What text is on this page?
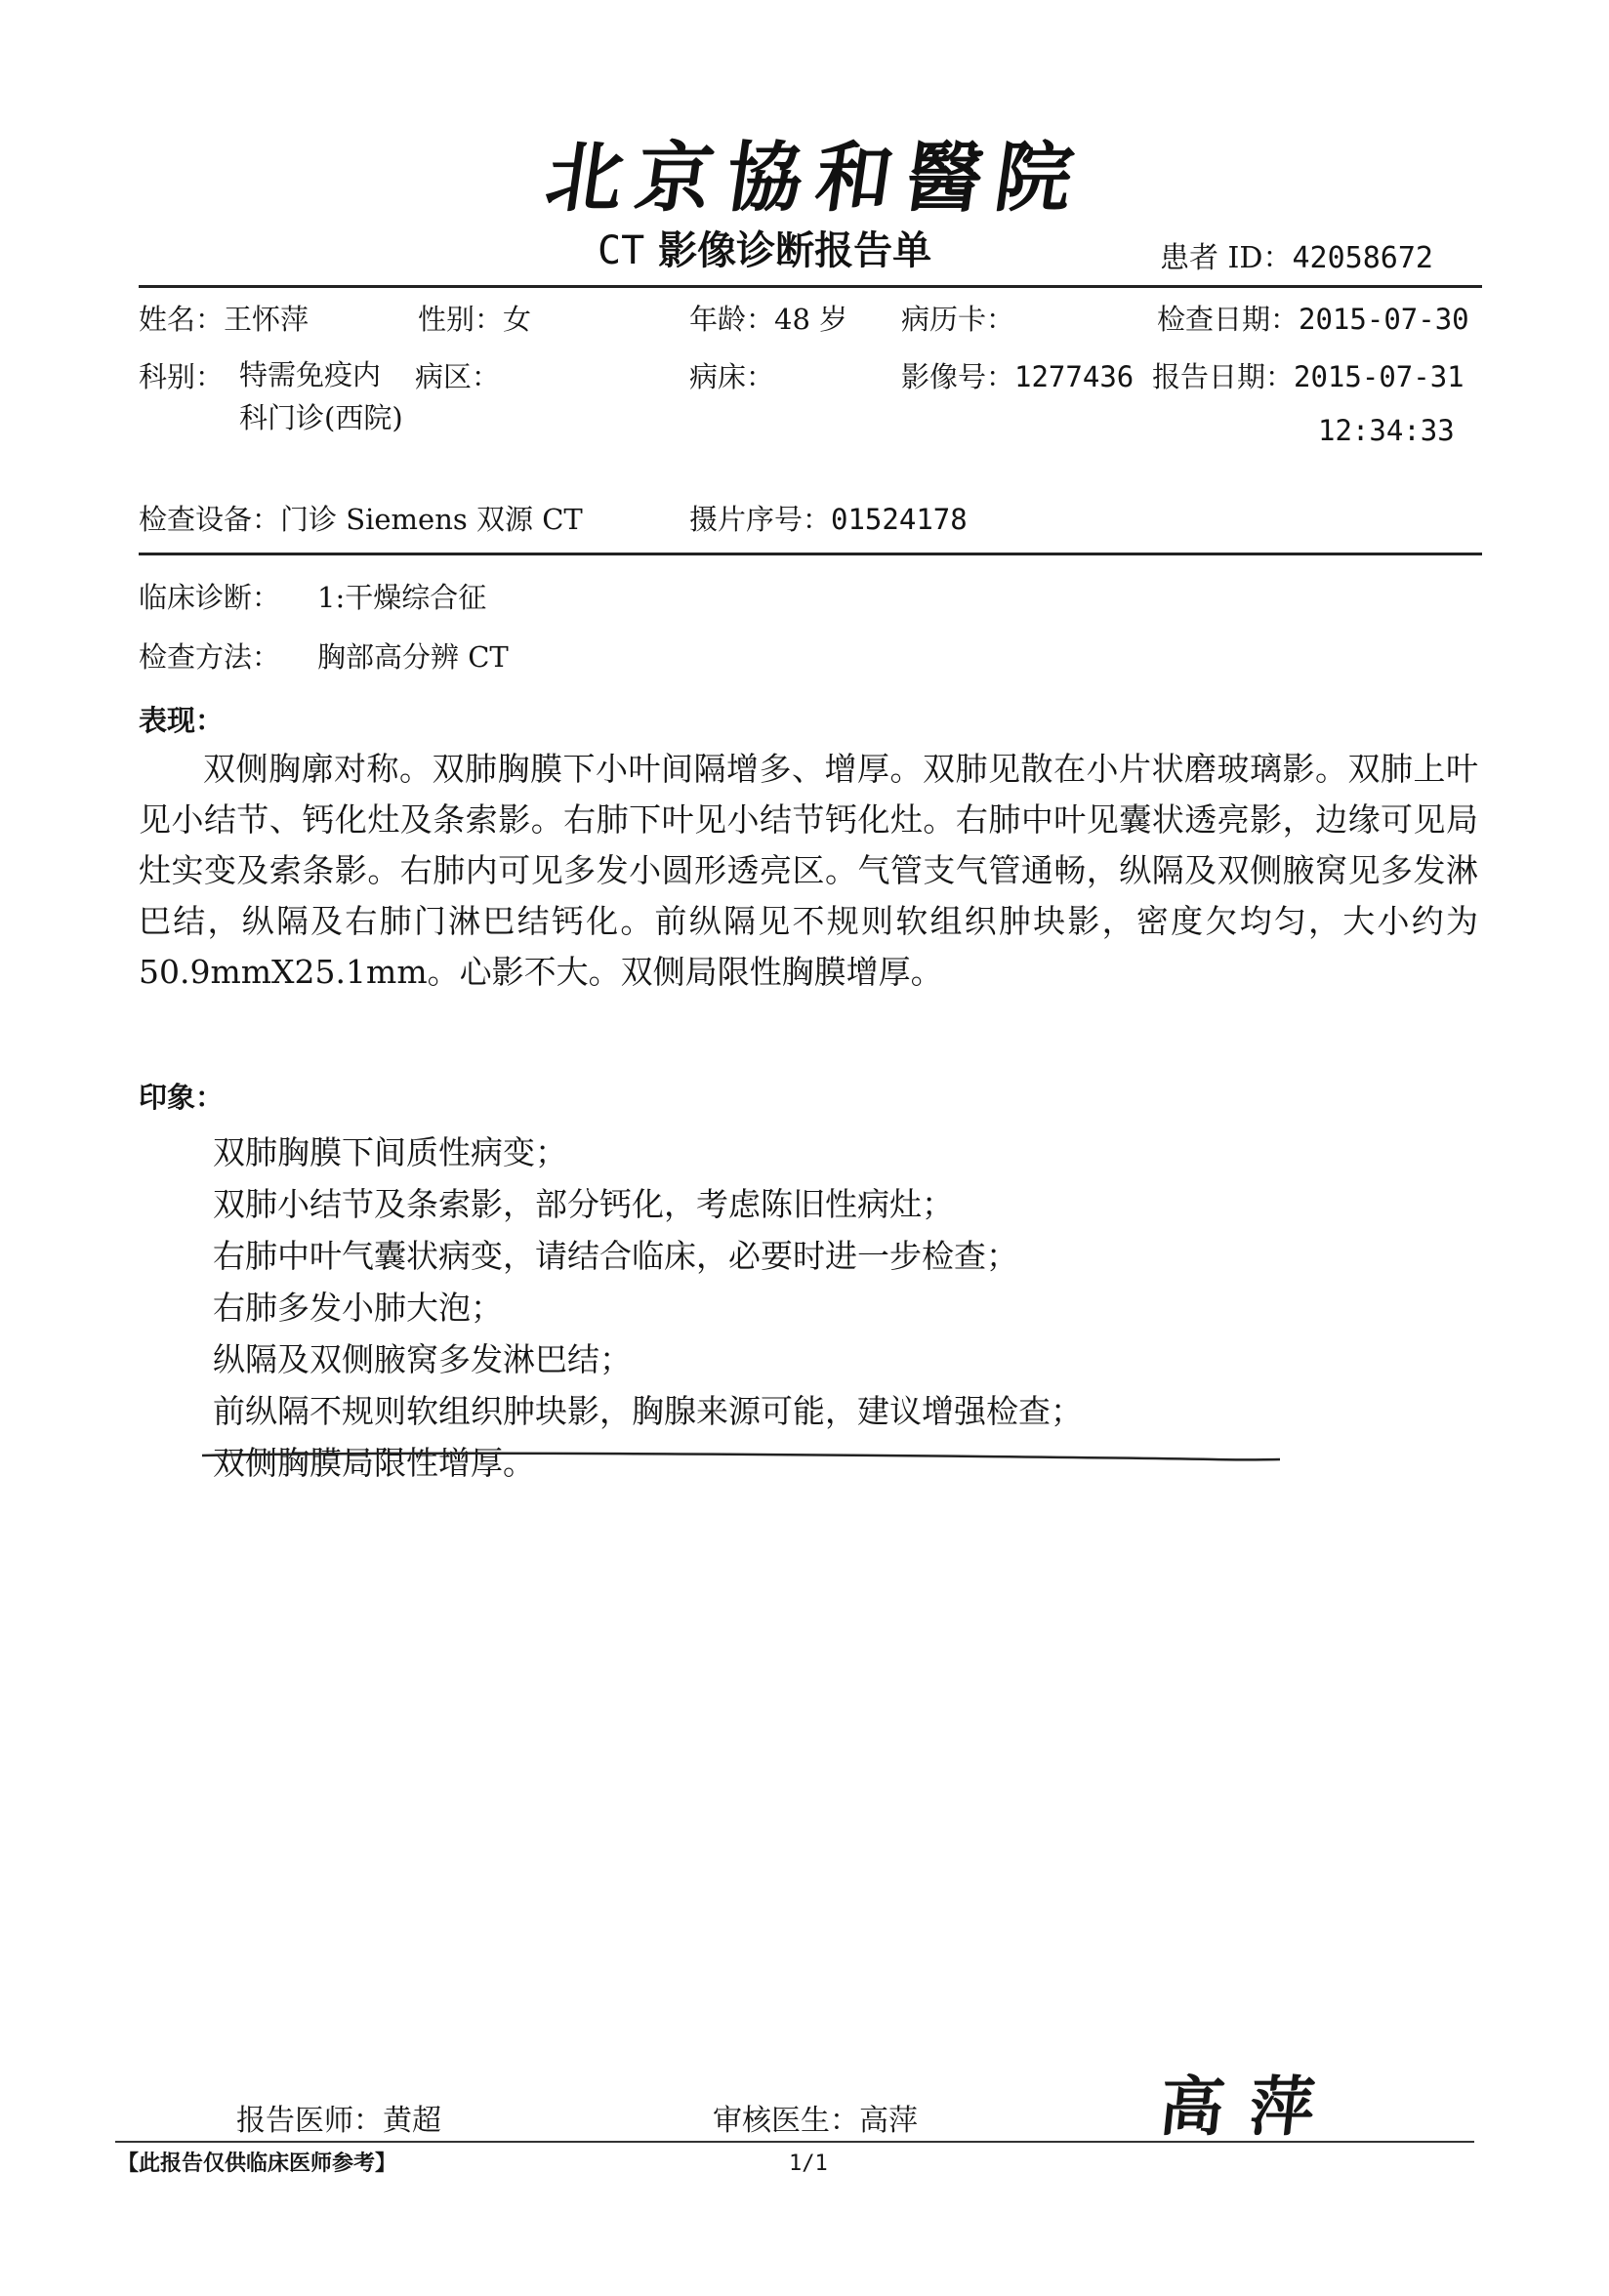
北京協和醫院
CT 影像诊断报告单	患者 ID：42058672
姓名：王怀萍	性别：女	年龄：48 岁 病历卡：	检查日期：2015-07-30
科别： 特需免疫内科门诊(西院)
病区：	病床：	影像号：1277436 报告日期：2015-07-31
12:34:33
检查设备：门诊 Siemens 双源 CT	摄片序号：01524178
临床诊断： 1:干燥综合征
检查方法： 胸部高分辨 CT
表现：
双侧胸廓对称。双肺胸膜下小叶间隔增多、增厚。双肺见散在小片状磨玻璃影。双肺上叶见小结节、钙化灶及条索影。右肺下叶见小结节钙化灶。右肺中叶见囊状透亮影，边缘可见局灶实变及索条影。右肺内可见多发小圆形透亮区。气管支气管通畅，纵隔及双侧腋窝见多发淋巴结，纵隔及右肺门淋巴结钙化。前纵隔见不规则软组织肿块影，密度欠均匀，大小约为 50.9mmX25.1mm。心影不大。双侧局限性胸膜增厚。
印象：
双肺胸膜下间质性病变；
双肺小结节及条索影，部分钙化，考虑陈旧性病灶；
右肺中叶气囊状病变，请结合临床，必要时进一步检查；
右肺多发小肺大泡；
纵隔及双侧腋窝多发淋巴结；
前纵隔不规则软组织肿块影，胸腺来源可能，建议增强检查；
双侧胸膜局限性增厚。
报告医师：黄超	审核医生：高萍	高萍
【此报告仅供临床医师参考】	1/1
